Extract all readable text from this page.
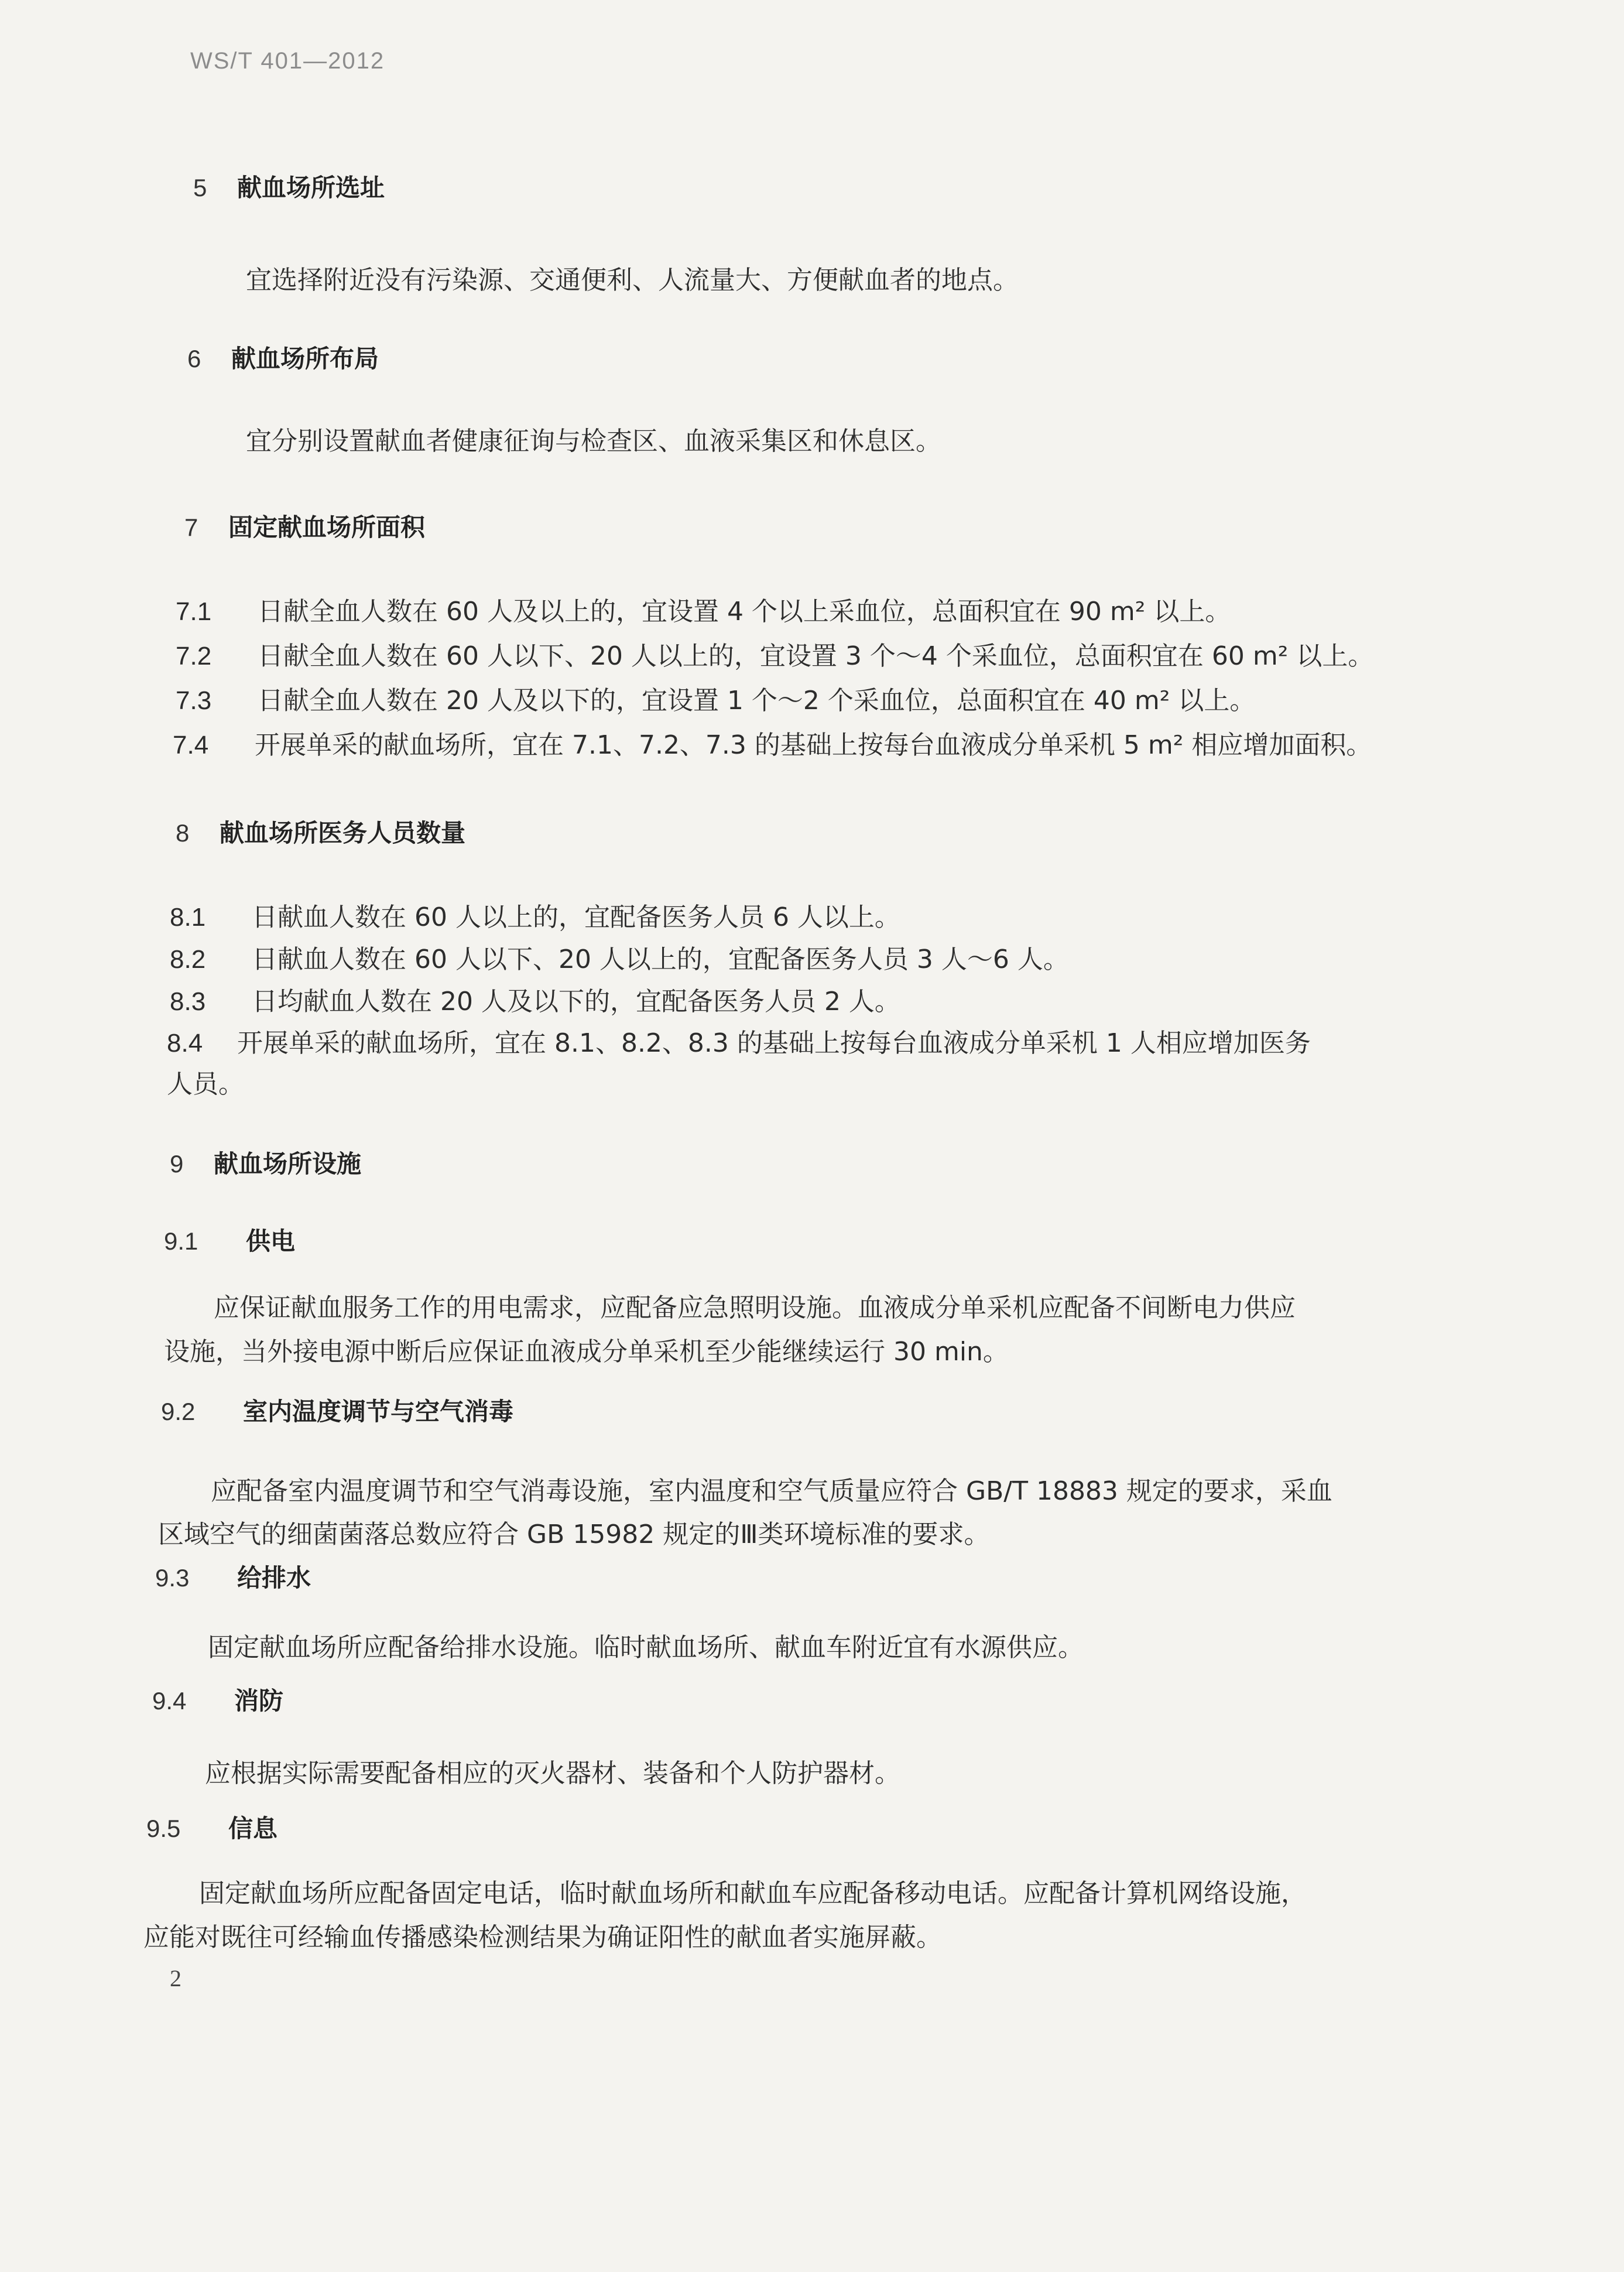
WS/T 401—2012
5 献血场所选址
宜选择附近没有污染源、交通便利、人流量大、方便献血者的地点。
6 献血场所布局
宜分别设置献血者健康征询与检查区、血液采集区和休息区。
7 固定献血场所面积
7.1 日献全血人数在 60 人及以上的，宜设置 4 个以上采血位，总面积宜在 90 m² 以上。
7.2 日献全血人数在 60 人以下、20 人以上的，宜设置 3 个～4 个采血位，总面积宜在 60 m² 以上。
7.3 日献全血人数在 20 人及以下的，宜设置 1 个～2 个采血位，总面积宜在 40 m² 以上。
7.4 开展单采的献血场所，宜在 7.1、7.2、7.3 的基础上按每台血液成分单采机 5 m² 相应增加面积。
8 献血场所医务人员数量
8.1 日献血人数在 60 人以上的，宜配备医务人员 6 人以上。
8.2 日献血人数在 60 人以下、20 人以上的，宜配备医务人员 3 人～6 人。
8.3 日均献血人数在 20 人及以下的，宜配备医务人员 2 人。
8.4 开展单采的献血场所，宜在 8.1、8.2、8.3 的基础上按每台血液成分单采机 1 人相应增加医务
人员。
9 献血场所设施
9.1 供电
应保证献血服务工作的用电需求，应配备应急照明设施。血液成分单采机应配备不间断电力供应
设施，当外接电源中断后应保证血液成分单采机至少能继续运行 30 min。
9.2 室内温度调节与空气消毒
应配备室内温度调节和空气消毒设施，室内温度和空气质量应符合 GB/T 18883 规定的要求，采血
区域空气的细菌菌落总数应符合 GB 15982 规定的Ⅲ类环境标准的要求。
9.3 给排水
固定献血场所应配备给排水设施。临时献血场所、献血车附近宜有水源供应。
9.4 消防
应根据实际需要配备相应的灭火器材、装备和个人防护器材。
9.5 信息
固定献血场所应配备固定电话，临时献血场所和献血车应配备移动电话。应配备计算机网络设施，
应能对既往可经输血传播感染检测结果为确证阳性的献血者实施屏蔽。
2
